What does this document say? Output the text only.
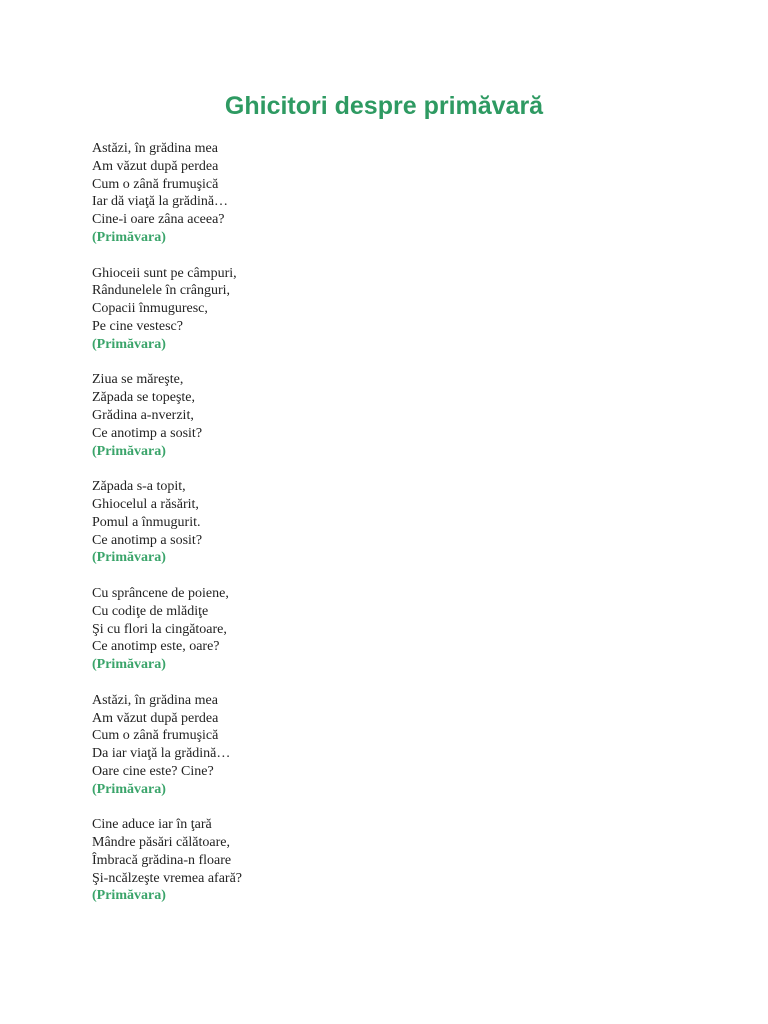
Ghicitori despre primăvară
Astăzi, în grădina mea
Am văzut după perdea
Cum o zână frumuşică
Iar dă viaţă la grădină…
Cine-i oare zâna aceea?
(Primăvara)
Ghioceii sunt pe câmpuri,
Rândunelele în crânguri,
Copacii înmuguresc,
Pe cine vestesc?
(Primăvara)
Ziua se măreşte,
Zăpada se topeşte,
Grădina a-nverzit,
Ce anotimp a sosit?
(Primăvara)
Zăpada s-a topit,
Ghiocelul a răsărit,
Pomul a înmugurit.
Ce anotimp a sosit?
(Primăvara)
Cu sprâncene de poiene,
Cu codiţe de mlădiţe
Şi cu flori la cingătoare,
Ce anotimp este, oare?
(Primăvara)
Astăzi, în grădina mea
Am văzut după perdea
Cum o zână frumuşică
Da iar viaţă la grădină…
Oare cine este? Cine?
(Primăvara)
Cine aduce iar în ţară
Mândre păsări călătoare,
Îmbracă grădina-n floare
Şi-ncălzeşte vremea afară?
(Primăvara)
